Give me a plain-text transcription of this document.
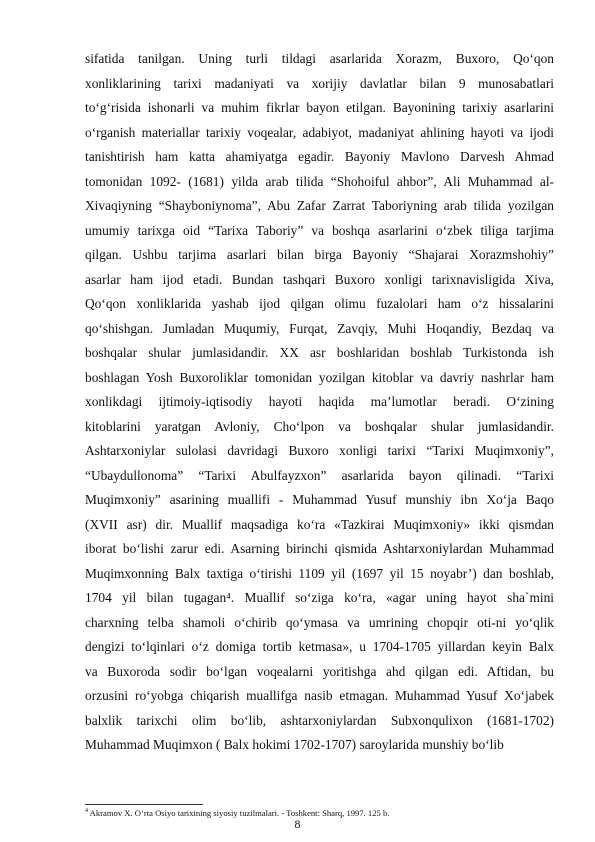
sifatida tanilgan. Uning turli tildagi asarlarida Xorazm, Buxoro, Qo‘qon
xonliklarining tarixi madaniyati va xorijiy davlatlar bilan 9 munosabatlari
to‘g‘risida ishonarli va muhim fikrlar bayon etilgan. Bayonining tarixiy asarlarini
o‘rganish materiallar tarixiy voqealar, adabiyot, madaniyat ahlining hayoti va ijodi
tanishtirish ham katta ahamiyatga egadir. Bayoniy Mavlono Darvesh Ahmad
tomonidan 1092- (1681) yilda arab tilida “Shohoiful ahbor”, Ali Muhammad al-
Xivaqiyning “Shayboniynoma”, Abu Zafar Zarrat Taboriyning arab tilida yozilgan
umumiy tarixga oid “Tarixa Taboriy” va boshqa asarlarini o‘zbek tiliga tarjima
qilgan. Ushbu tarjima asarlari bilan birga Bayoniy “Shajarai Xorazmshohiy”
asarlar ham ijod etadi. Bundan tashqari Buxoro xonligi tarixnavisligida Xiva,
Qo‘qon xonliklarida yashab ijod qilgan olimu fuzalolari ham o‘z hissalarini
qo‘shishgan. Jumladan Muqumiy, Furqat, Zavqiy, Muhi Hoqandiy, Bezdaq va
boshqalar shular jumlasidandir. XX asr boshlaridan boshlab Turkistonda ish
boshlagan Yosh Buxoroliklar tomonidan yozilgan kitoblar va davriy nashrlar ham
xonlikdagi ijtimoiy-iqtisodiy hayoti haqida ma’lumotlar beradi. O‘zining
kitoblarini yaratgan Avloniy, Cho‘lpon va boshqalar shular jumlasidandir.
Ashtarxoniylar sulolasi davridagi Buxoro xonligi tarixi “Tarixi Muqimxoniy”,
“Ubaydullonoma” “Tarixi Abulfayzxon” asarlarida bayon qilinadi. “Tarixi
Muqimxoniy” asarining muallifi - Muhammad Yusuf munshiy ibn Xo‘ja Baqo
(XVII asr) dir. Muallif maqsadiga ko‘ra «Tazkirai Muqimxoniy» ikki qismdan
iborat bo‘lishi zarur edi. Asarning birinchi qismida Ashtarxoniylardan Muhammad
Muqimxonning Balx taxtiga o‘tirishi 1109 yil (1697 yil 15 noyabr’) dan boshlab,
1704 yil bilan tugagan⁴. Muallif so‘ziga ko‘ra, «agar uning hayot sha`mini
charxning telba shamoli o‘chirib qo‘ymasa va umrining chopqir oti-ni yo‘qlik
dengizi to‘lqinlari o‘z domiga tortib ketmasa», u 1704-1705 yillardan keyin Balx
va Buxoroda sodir bo‘lgan voqealarni yoritishga ahd qilgan edi. Aftidan, bu
orzusini ro‘yobga chiqarish muallifga nasib etmagan. Muhammad Yusuf Xo‘jabek
balxlik tarixchi olim bo‘lib, ashtarxoniylardan Subxonqulixon (1681-1702)
Muhammad Muqimxon ( Balx hokimi 1702-1707) saroylarida munshiy bo‘lib
$^4$ Akramov X. O‘rta Osiyo tarixining siyosiy tuzilmalari. - Toshkent: Sharq, 1997. 125 b.
8
